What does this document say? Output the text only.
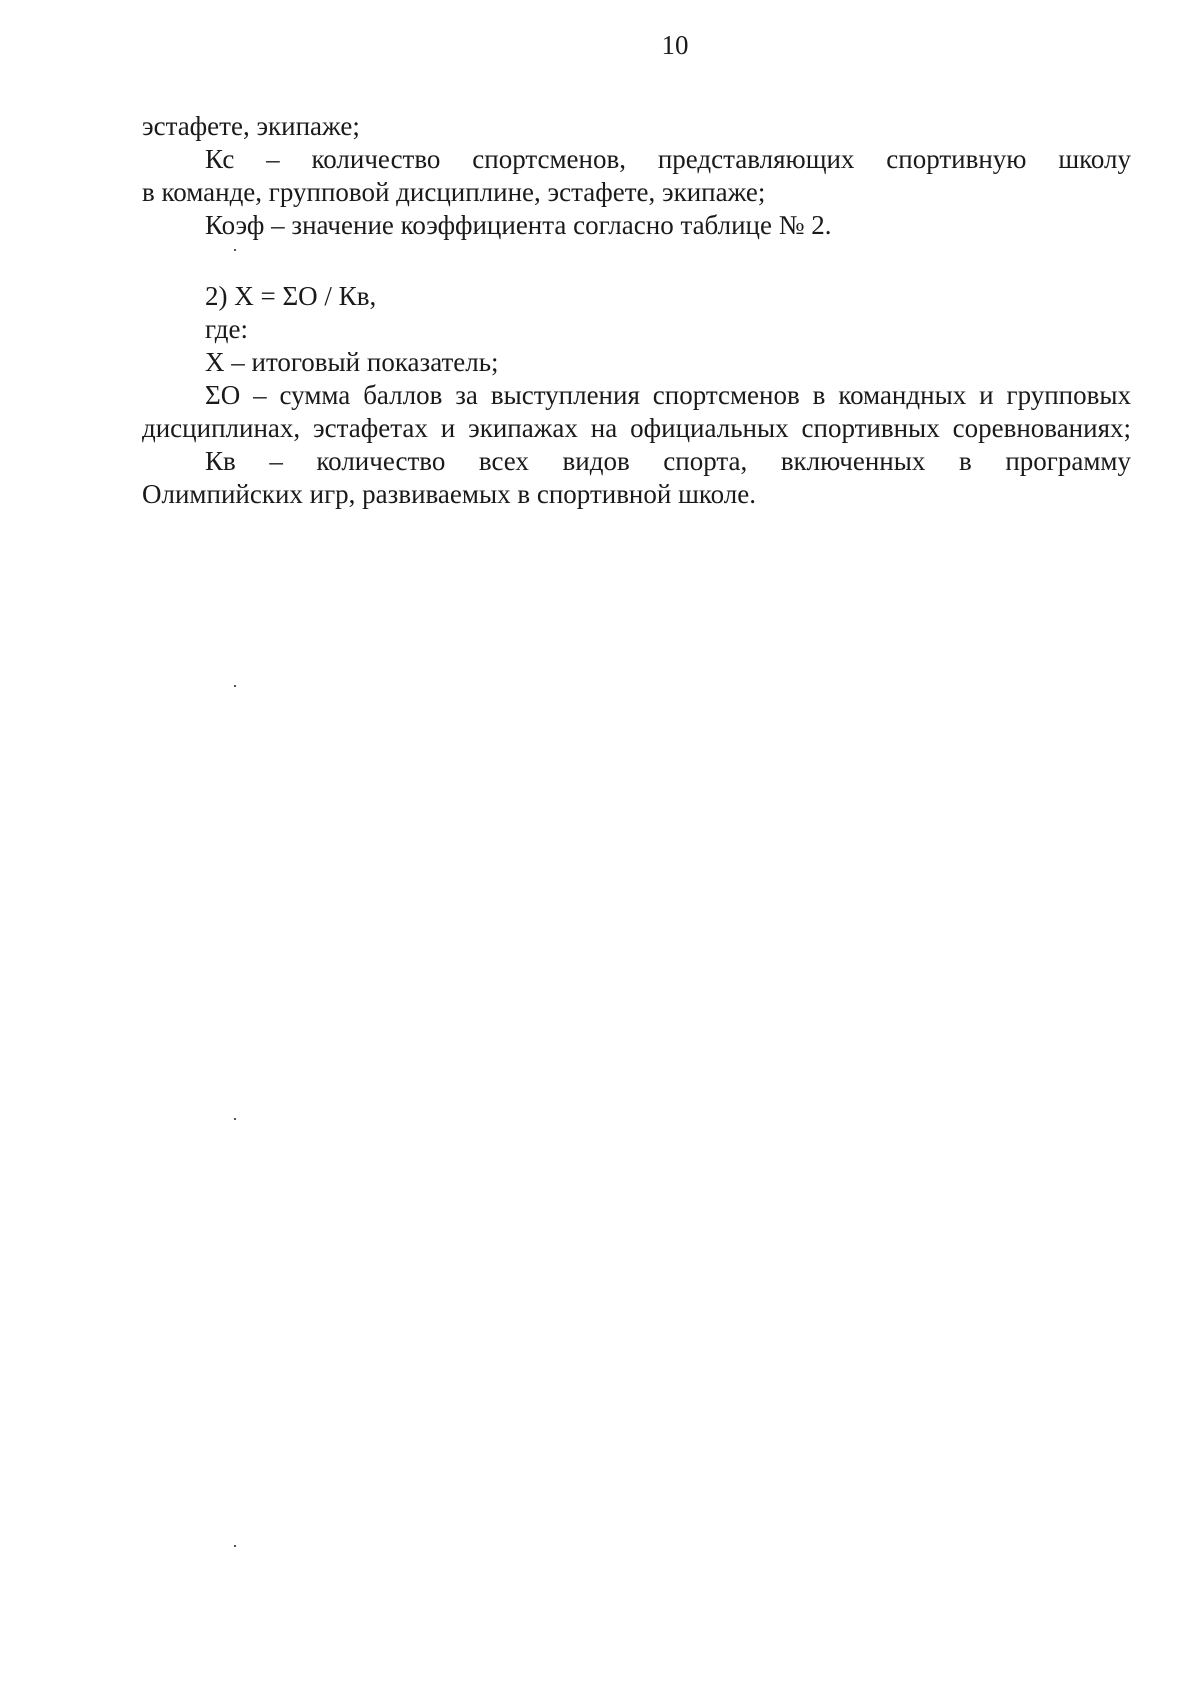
10

эстафете, экипаже;

Кс – количество спортсменов, представляющих спортивную школу

в команде, групповой дисциплине, эстафете, экипаже;

Коэф – значение коэффициента согласно таблице № 2.

2) X = ΣО / Кв,

где:

X – итоговый показатель;

ΣО – сумма баллов за выступления спортсменов в командных и групповых

дисциплинах, эстафетах и экипажах на официальных спортивных соревнованиях;

Кв – количество всех видов спорта, включенных в программу

Олимпийских игр, развиваемых в спортивной школе.
